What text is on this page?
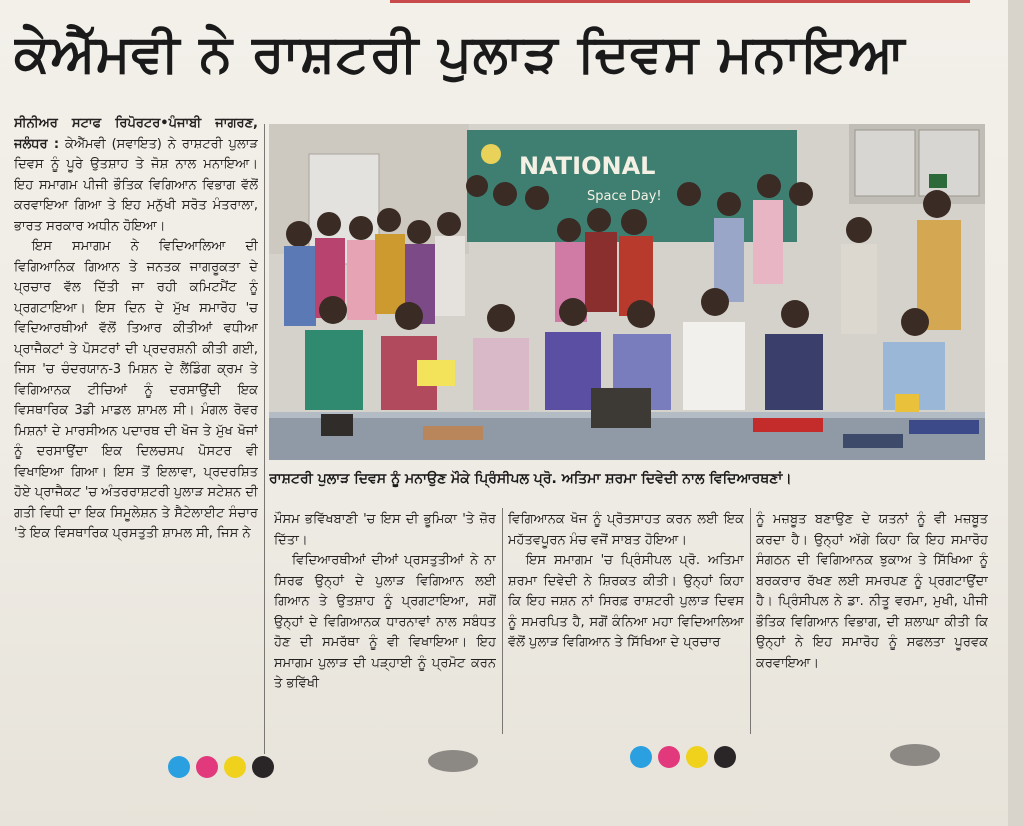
ਕੇਐੱਮਵੀ ਨੇ ਰਾਸ਼ਟਰੀ ਪੁਲਾੜ ਦਿਵਸ ਮਨਾਇਆ

ਸੀਨੀਅਰ ਸਟਾਫ ਰਿਪੋਰਟਰ•ਪੰਜਾਬੀ ਜਾਗਰਣ, ਜਲੰਧਰ : ਕੇਐੱਮਵੀ (ਸਵਾਇਤ) ਨੇ ਰਾਸ਼ਟਰੀ ਪੁਲਾੜ ਦਿਵਸ ਨੂੰ ਪੂਰੇ ਉਤਸ਼ਾਹ ਤੇ ਜੋਸ਼ ਨਾਲ ਮਨਾਇਆ। ਇਹ ਸਮਾਗਮ ਪੀਜੀ ਭੌਤਿਕ ਵਿਗਿਆਨ ਵਿਭਾਗ ਵੱਲੋਂ ਕਰਵਾਇਆ ਗਿਆ ਤੇ ਇਹ ਮਨੁੱਖੀ ਸਰੋਤ ਮੰਤਰਾਲਾ, ਭਾਰਤ ਸਰਕਾਰ ਅਧੀਨ ਹੋਇਆ।

ਇਸ ਸਮਾਗਮ ਨੇ ਵਿਦਿਆਲਿਆ ਦੀ ਵਿਗਿਆਨਿਕ ਗਿਆਨ ਤੇ ਜਨਤਕ ਜਾਗਰੂਕਤਾ ਦੇ ਪ੍ਰਚਾਰ ਵੱਲ ਦਿੱਤੀ ਜਾ ਰਹੀ ਕਮਿਟਮੈਂਟ ਨੂੰ ਪ੍ਰਗਟਾਇਆ। ਇਸ ਦਿਨ ਦੇ ਮੁੱਖ ਸਮਾਰੋਹ 'ਚ ਵਿਦਿਆਰਥੀਆਂ ਵੱਲੋਂ ਤਿਆਰ ਕੀਤੀਆਂ ਵਧੀਆ ਪ੍ਰਾਜੈਕਟਾਂ ਤੇ ਪੋਸਟਰਾਂ ਦੀ ਪ੍ਰਦਰਸ਼ਨੀ ਕੀਤੀ ਗਈ, ਜਿਸ 'ਚ ਚੰਦਰਯਾਨ-3 ਮਿਸ਼ਨ ਦੇ ਲੈਂਡਿੰਗ ਕ੍ਰਮ ਤੇ ਵਿਗਿਆਨਕ ਟੀਚਿਆਂ ਨੂੰ ਦਰਸਾਉਂਦੀ ਇਕ ਵਿਸਥਾਰਿਕ 3ਡੀ ਮਾਡਲ ਸ਼ਾਮਲ ਸੀ। ਮੰਗਲ ਰੋਵਰ ਮਿਸ਼ਨਾਂ ਦੇ ਮਾਰਸੀਅਨ ਪਦਾਰਥ ਦੀ ਖੋਜ ਤੇ ਮੁੱਖ ਖੋਜਾਂ ਨੂੰ ਦਰਸਾਉਂਦਾ ਇਕ ਦਿਲਚਸਪ ਪੋਸਟਰ ਵੀ ਵਿਖਾਇਆ ਗਿਆ। ਇਸ ਤੋਂ ਇਲਾਵਾ, ਪ੍ਰਦਰਸ਼ਿਤ ਹੋਏ ਪ੍ਰਾਜੈਕਟ 'ਚ ਅੰਤਰਰਾਸ਼ਟਰੀ ਪੁਲਾੜ ਸਟੇਸ਼ਨ ਦੀ ਗਤੀ ਵਿਧੀ ਦਾ ਇਕ ਸਿਮੂਲੇਸ਼ਨ ਤੇ ਸੈਟੇਲਾਈਟ ਸੰਚਾਰ 'ਤੇ ਇਕ ਵਿਸਥਾਰਿਕ ਪ੍ਰਸਤੁਤੀ ਸ਼ਾਮਲ ਸੀ, ਜਿਸ ਨੇ

NATIONAL
Space Day!
ਰਾਸ਼ਟਰੀ ਪੁਲਾੜ ਦਿਵਸ ਨੂੰ ਮਨਾਉਣ ਮੌਕੇ ਪ੍ਰਿੰਸੀਪਲ ਪ੍ਰੋ. ਅਤਿਮਾ ਸ਼ਰਮਾ ਦਿਵੇਦੀ ਨਾਲ ਵਿਦਿਆਰਥਣਾਂ।

ਮੌਸਮ ਭਵਿੱਖਬਾਣੀ 'ਚ ਇਸ ਦੀ ਭੂਮਿਕਾ 'ਤੇ ਜ਼ੋਰ ਦਿੱਤਾ।

ਵਿਦਿਆਰਥੀਆਂ ਦੀਆਂ ਪ੍ਰਸਤੁਤੀਆਂ ਨੇ ਨਾ ਸਿਰਫ ਉਨ੍ਹਾਂ ਦੇ ਪੁਲਾੜ ਵਿਗਿਆਨ ਲਈ ਗਿਆਨ ਤੇ ਉਤਸ਼ਾਹ ਨੂੰ ਪ੍ਰਗਟਾਇਆ, ਸਗੋਂ ਉਨ੍ਹਾਂ ਦੇ ਵਿਗਿਆਨਕ ਧਾਰਨਾਵਾਂ ਨਾਲ ਸਬੰਧਤ ਹੋਣ ਦੀ ਸਮਰੱਥਾ ਨੂੰ ਵੀ ਵਿਖਾਇਆ। ਇਹ ਸਮਾਗਮ ਪੁਲਾੜ ਦੀ ਪੜ੍ਹਾਈ ਨੂੰ ਪ੍ਰਮੋਟ ਕਰਨ ਤੇ ਭਵਿੱਖੀ

ਵਿਗਿਆਨਕ ਖੋਜ ਨੂੰ ਪ੍ਰੋਤਸਾਹਤ ਕਰਨ ਲਈ ਇਕ ਮਹੱਤਵਪੂਰਨ ਮੰਚ ਵਜੋਂ ਸਾਬਤ ਹੋਇਆ।

ਇਸ ਸਮਾਗਮ 'ਚ ਪ੍ਰਿੰਸੀਪਲ ਪ੍ਰੋ. ਅਤਿਮਾ ਸ਼ਰਮਾ ਦਿਵੇਦੀ ਨੇ ਸ਼ਿਰਕਤ ਕੀਤੀ। ਉਨ੍ਹਾਂ ਕਿਹਾ ਕਿ ਇਹ ਜਸ਼ਨ ਨਾਂ ਸਿਰਫ਼ ਰਾਸ਼ਟਰੀ ਪੁਲਾੜ ਦਿਵਸ ਨੂੰ ਸਮਰਪਿਤ ਹੈ, ਸਗੋਂ ਕੰਨਿਆ ਮਹਾ ਵਿਦਿਆਲਿਆ ਵੱਲੋਂ ਪੁਲਾੜ ਵਿਗਿਆਨ ਤੇ ਸਿੱਖਿਆ ਦੇ ਪ੍ਰਚਾਰ

ਨੂੰ ਮਜ਼ਬੂਤ ਬਣਾਉਣ ਦੇ ਯਤਨਾਂ ਨੂੰ ਵੀ ਮਜ਼ਬੂਤ ਕਰਦਾ ਹੈ। ਉਨ੍ਹਾਂ ਅੱਗੇ ਕਿਹਾ ਕਿ ਇਹ ਸਮਾਰੋਹ ਸੰਗਠਨ ਦੀ ਵਿਗਿਆਨਕ ਝੁਕਾਅ ਤੇ ਸਿੱਖਿਆ ਨੂੰ ਬਰਕਰਾਰ ਰੱਖਣ ਲਈ ਸਮਰਪਣ ਨੂੰ ਪ੍ਰਗਟਾਉਂਦਾ ਹੈ। ਪ੍ਰਿੰਸੀਪਲ ਨੇ ਡਾ. ਨੀਤੂ ਵਰਮਾ, ਮੁਖੀ, ਪੀਜੀ ਭੌਤਿਕ ਵਿਗਿਆਨ ਵਿਭਾਗ, ਦੀ ਸ਼ਲਾਘਾ ਕੀਤੀ ਕਿ ਉਨ੍ਹਾਂ ਨੇ ਇਹ ਸਮਾਰੋਹ ਨੂੰ ਸਫਲਤਾ ਪੂਰਵਕ ਕਰਵਾਇਆ।
